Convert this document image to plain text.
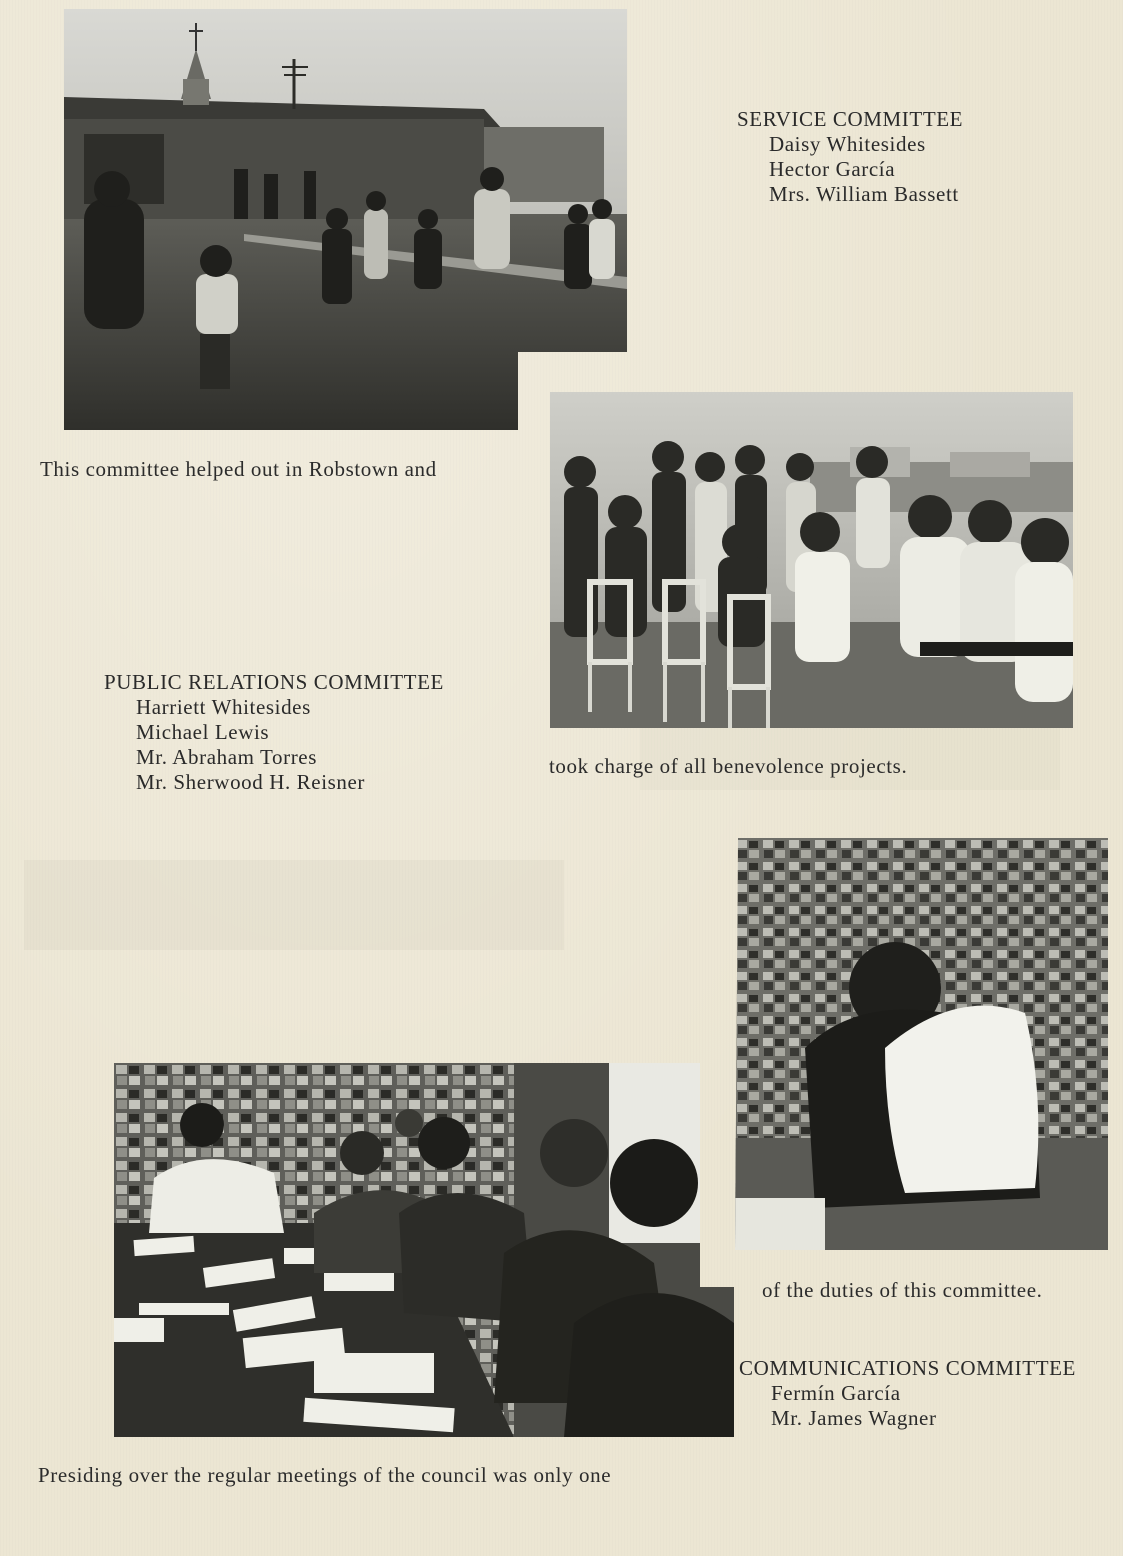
SERVICE COMMITTEE
Daisy Whitesides
Hector García
Mrs. William Bassett
This committee helped out in Robstown and
PUBLIC RELATIONS COMMITTEE
Harriett Whitesides
Michael Lewis
Mr. Abraham Torres
Mr. Sherwood H. Reisner
took charge of all benevolence projects.
of the duties of this committee.
COMMUNICATIONS COMMITTEE
Fermín García
Mr. James Wagner
Presiding over the regular meetings of the council was only one
